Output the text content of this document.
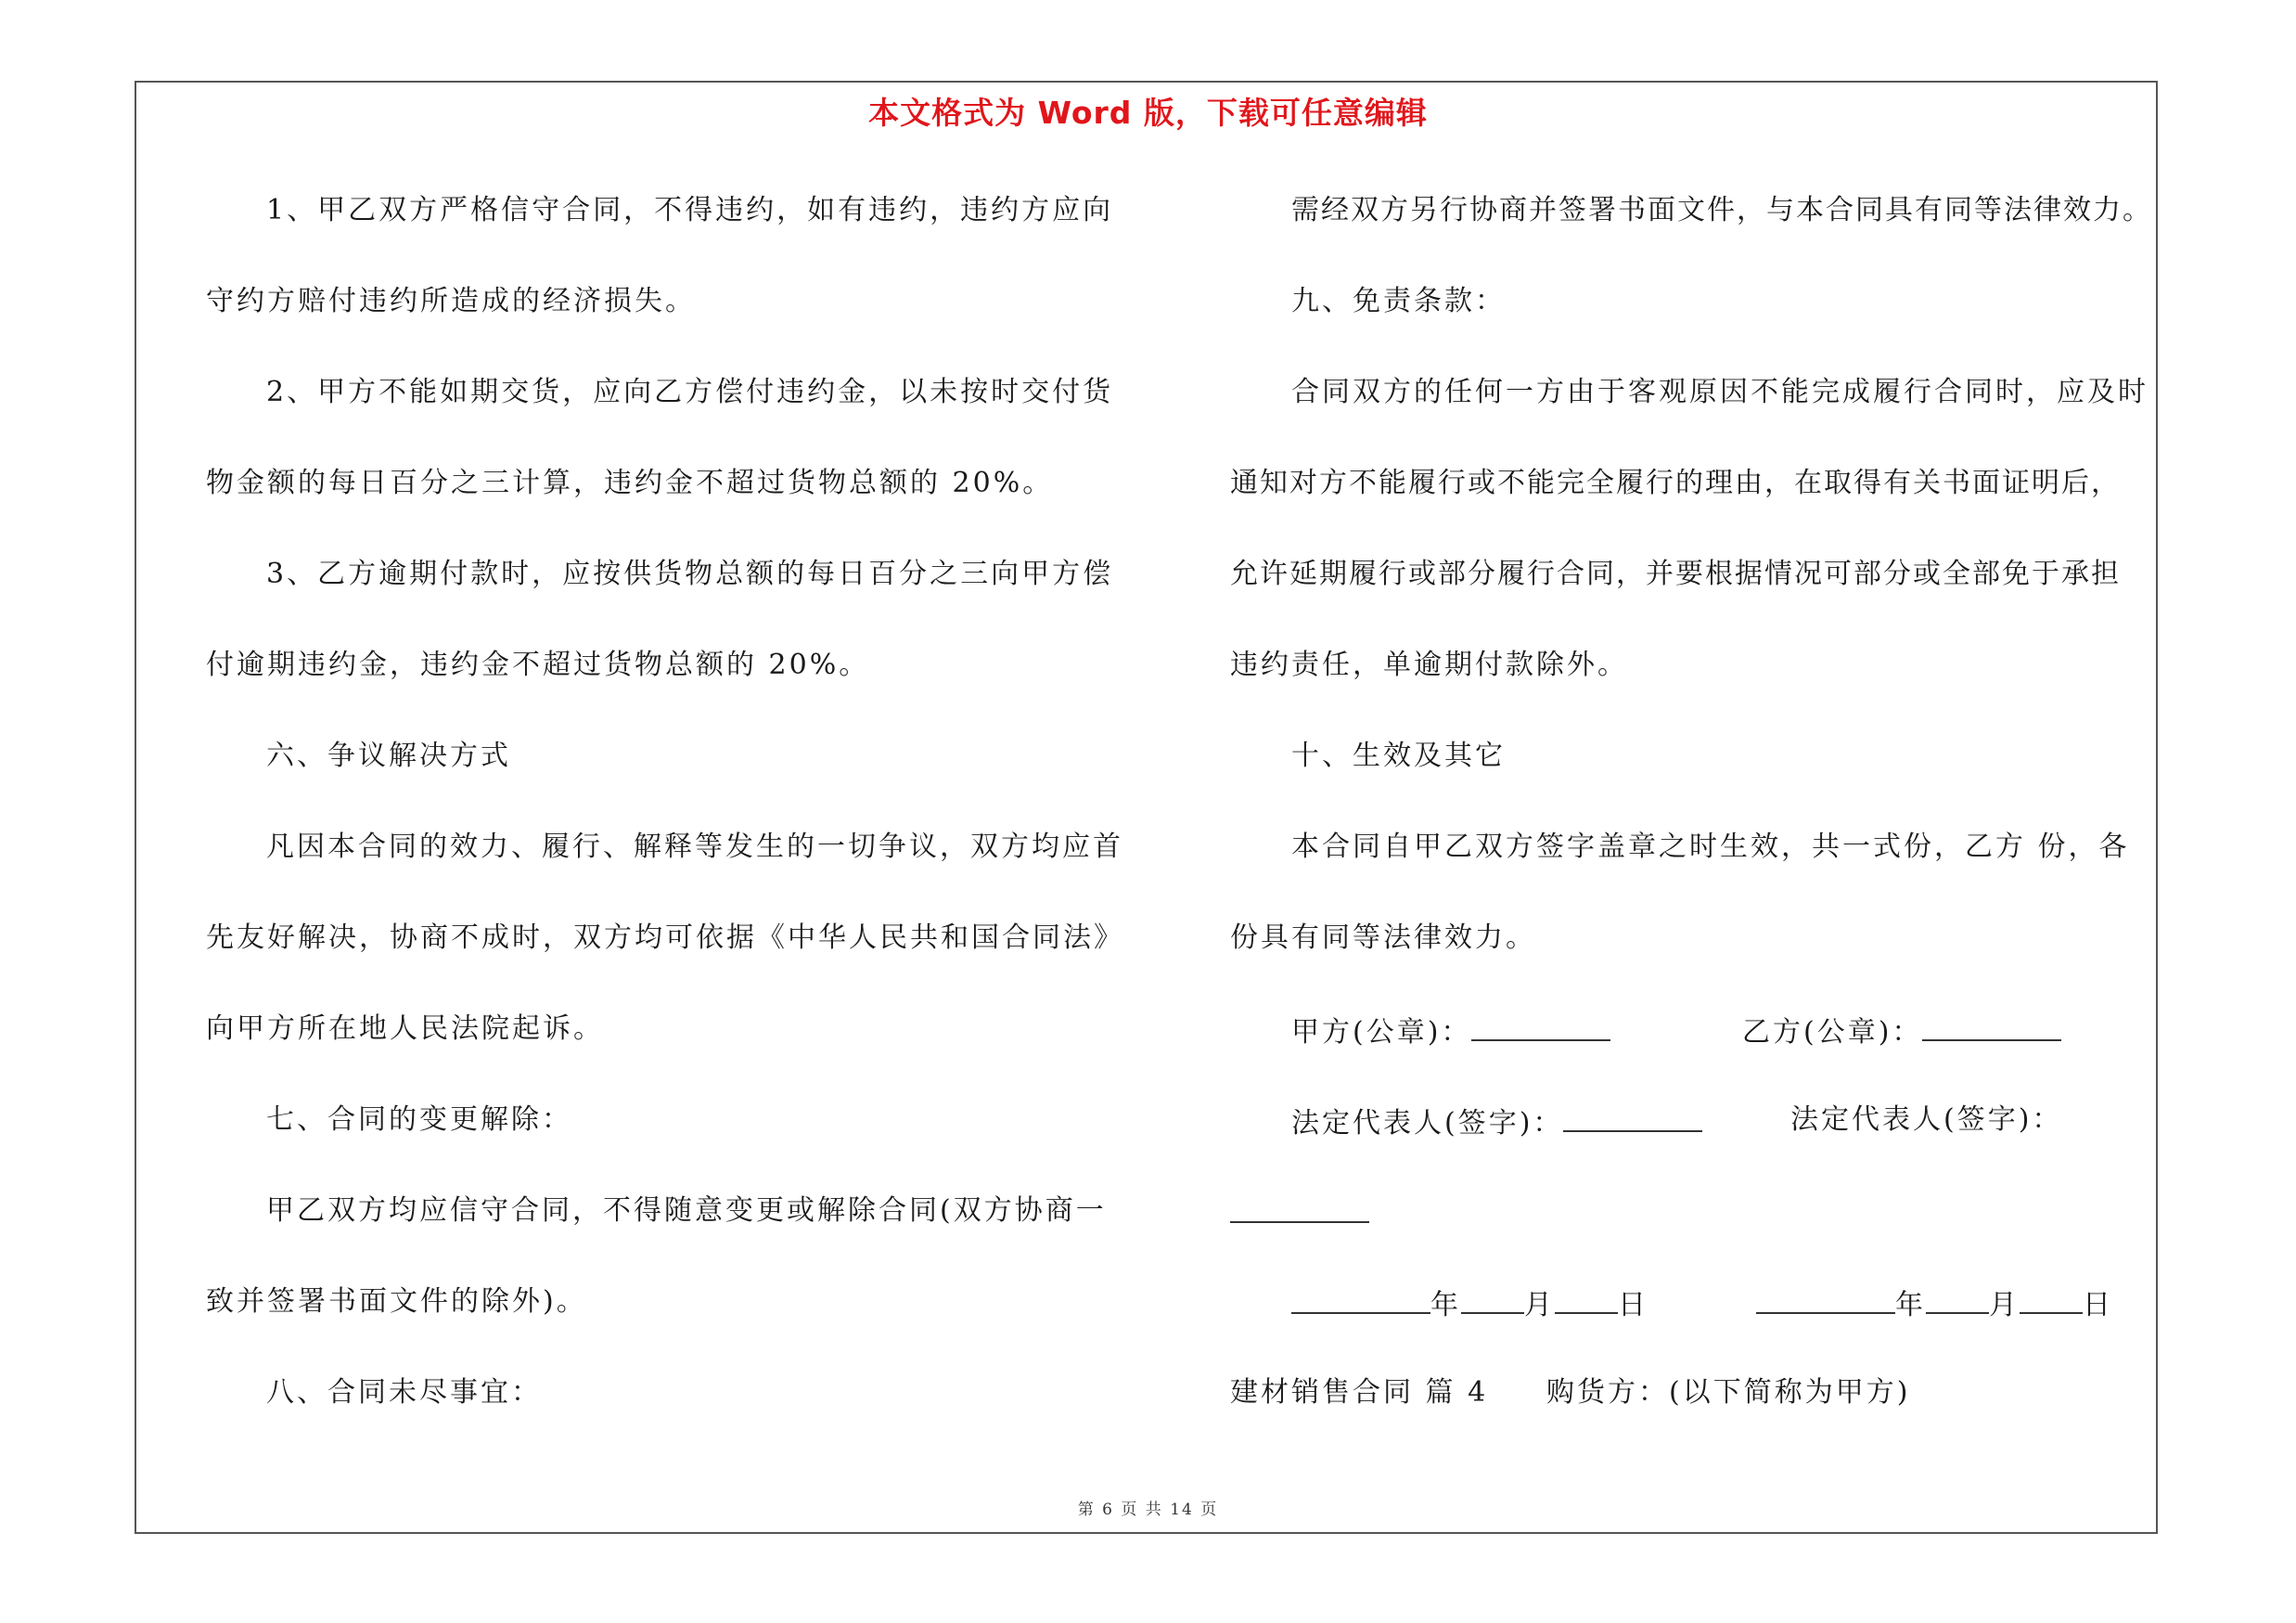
本文格式为 Word 版，下载可任意编辑
1、甲乙双方严格信守合同，不得违约，如有违约，违约方应向
守约方赔付违约所造成的经济损失。
2、甲方不能如期交货，应向乙方偿付违约金，以未按时交付货
物金额的每日百分之三计算，违约金不超过货物总额的 20%。
3、乙方逾期付款时，应按供货物总额的每日百分之三向甲方偿
付逾期违约金，违约金不超过货物总额的 20%。
六、争议解决方式
凡因本合同的效力、履行、解释等发生的一切争议，双方均应首
先友好解决，协商不成时，双方均可依据《中华人民共和国合同法》
向甲方所在地人民法院起诉。
七、合同的变更解除：
甲乙双方均应信守合同，不得随意变更或解除合同(双方协商一
致并签署书面文件的除外)。
八、合同未尽事宜：
需经双方另行协商并签署书面文件，与本合同具有同等法律效力。
九、免责条款：
合同双方的任何一方由于客观原因不能完成履行合同时，应及时
通知对方不能履行或不能完全履行的理由，在取得有关书面证明后，
允许延期履行或部分履行合同，并要根据情况可部分或全部免于承担
违约责任，单逾期付款除外。
十、生效及其它
本合同自甲乙双方签字盖章之时生效，共一式份，乙方 份，各
份具有同等法律效力。
甲方(公章)：	乙方(公章)：
法定代表人(签字)：	法定代表人(签字)：
年 月 日	年 月 日
建材销售合同 篇 4 购货方：(以下简称为甲方)
第 6 页 共 14 页
